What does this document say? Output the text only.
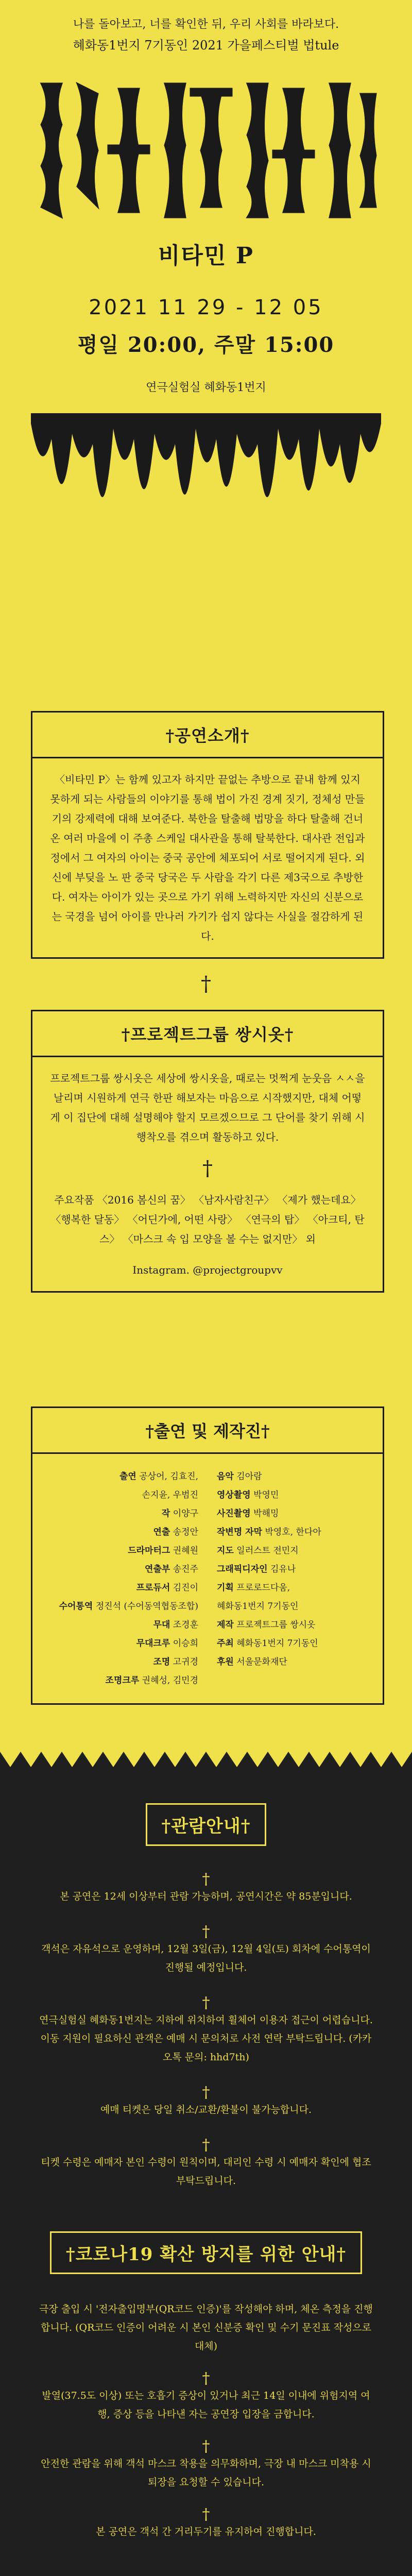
나를 돌아보고, 너를 확인한 뒤, 우리 사회를 바라보다.
혜화동1번지 7기동인 2021 가을페스티벌 법tule
비타민 P
2021 11 29 - 12 05
평일 20:00, 주말 15:00
연극실험실 혜화동1번지
†공연소개†

〈비타민 P〉는 함께 있고자 하지만 끝없는 추방으로 끝내 함께 있지 못하게 되는 사람들의 이야기를 통해 법이 가진 경계 짓기, 정체성 만들기의 강제력에 대해 보여준다. 북한을 탈출해 법망을 하다 탈출해 건너온 여러 마을에 이 주총 스케일 대사관을 통해 탈북한다. 대사관 전입과정에서 그 여자의 아이는 중국 공안에 체포되어 서로 떨어지게 된다. 외신에 부딪을 노 판 중국 당국은 두 사람을 각기 다른 제3국으로 추방한다. 여자는 아이가 있는 곳으로 가기 위해 노력하지만 자신의 신분으로는 국경을 넘어 아이를 만나러 가기가 쉽지 않다는 사실을 절감하게 된다.

†
†프로젝트그룹 쌍시옷†

프로젝트그룹 쌍시옷은 세상에 쌍시옷을, 때로는 멋쩍게 눈웃음 ㅅㅅ을 날리며 시원하게 연극 한판 해보자는 마음으로 시작했지만, 대체 어떻게 이 집단에 대해 설명해야 할지 모르겠으므로 그 단어를 찾기 위해 시행착오를 겪으며 활동하고 있다.

†

주요작품 〈2016 봄신의 꿈〉 〈남자사람친구〉 〈제가 했는데요〉 〈행복한 달동〉 〈어딘가에, 어떤 사랑〉 〈연극의 탑〉 〈아크티, 탄스〉 〈마스크 속 입 모양을 볼 수는 없지만〉 외

Instagram. @projectgroupvv

†출연 및 제작진†
출연 공상어, 김효진,
손지윤, 우범진
작 이양구
연출 송정안
드라마터그 권혜원
연출부 송진주
프로듀서 김진이
수어통역 정진석 (수어동역협동조합)
무대 조경훈
무대크루 이승희
조명 고귀경
조명크루 권혜성, 김민경
음악 김아람
영상촬영 박영민
사진촬영 박해밍
작변명 자막 박영호, 한다아
지도 일러스트 전민지
그래픽디자인 김유나
기획 프로로드다움,
혜화동1번지 7기동인
제작 프로젝트그룹 쌍시옷
주최 혜화동1번지 7기동인
후원 서울문화재단
†관람안내†
†

본 공연은 12세 이상부터 관람 가능하며, 공연시간은 약 85분입니다.

†

객석은 자유석으로 운영하며, 12월 3일(금), 12월 4일(토) 회차에 수어통역이 진행될 예정입니다.

†

연극실험실 혜화동1번지는 지하에 위치하여 휠체어 이용자 접근이 어렵습니다. 이동 지원이 필요하신 관객은 예매 시 문의처로 사전 연락 부탁드립니다. (카카오톡 문의: hhd7th)

†

예매 티켓은 당일 취소/교환/환불이 불가능합니다.

†

티켓 수령은 예매자 본인 수령이 원칙이며, 대리인 수령 시 예매자 확인에 협조 부탁드립니다.

†코로나19 확산 방지를 위한 안내†

극장 출입 시 '전자출입명부(QR코드 인증)'를 작성해야 하며, 체온 측정을 진행합니다. (QR코드 인증이 어려운 시 본인 신분증 확인 및 수기 문진표 작성으로 대체)

†

발열(37.5도 이상) 또는 호흡기 증상이 있거나 최근 14일 이내에 위험지역 여행, 증상 등을 나타낸 자는 공연장 입장을 금합니다.

†

안전한 관람을 위해 객석 마스크 착용을 의무화하며, 극장 내 마스크 미착용 시 퇴장을 요청할 수 있습니다.

†

본 공연은 객석 간 거리두기를 유지하여 진행합니다.
